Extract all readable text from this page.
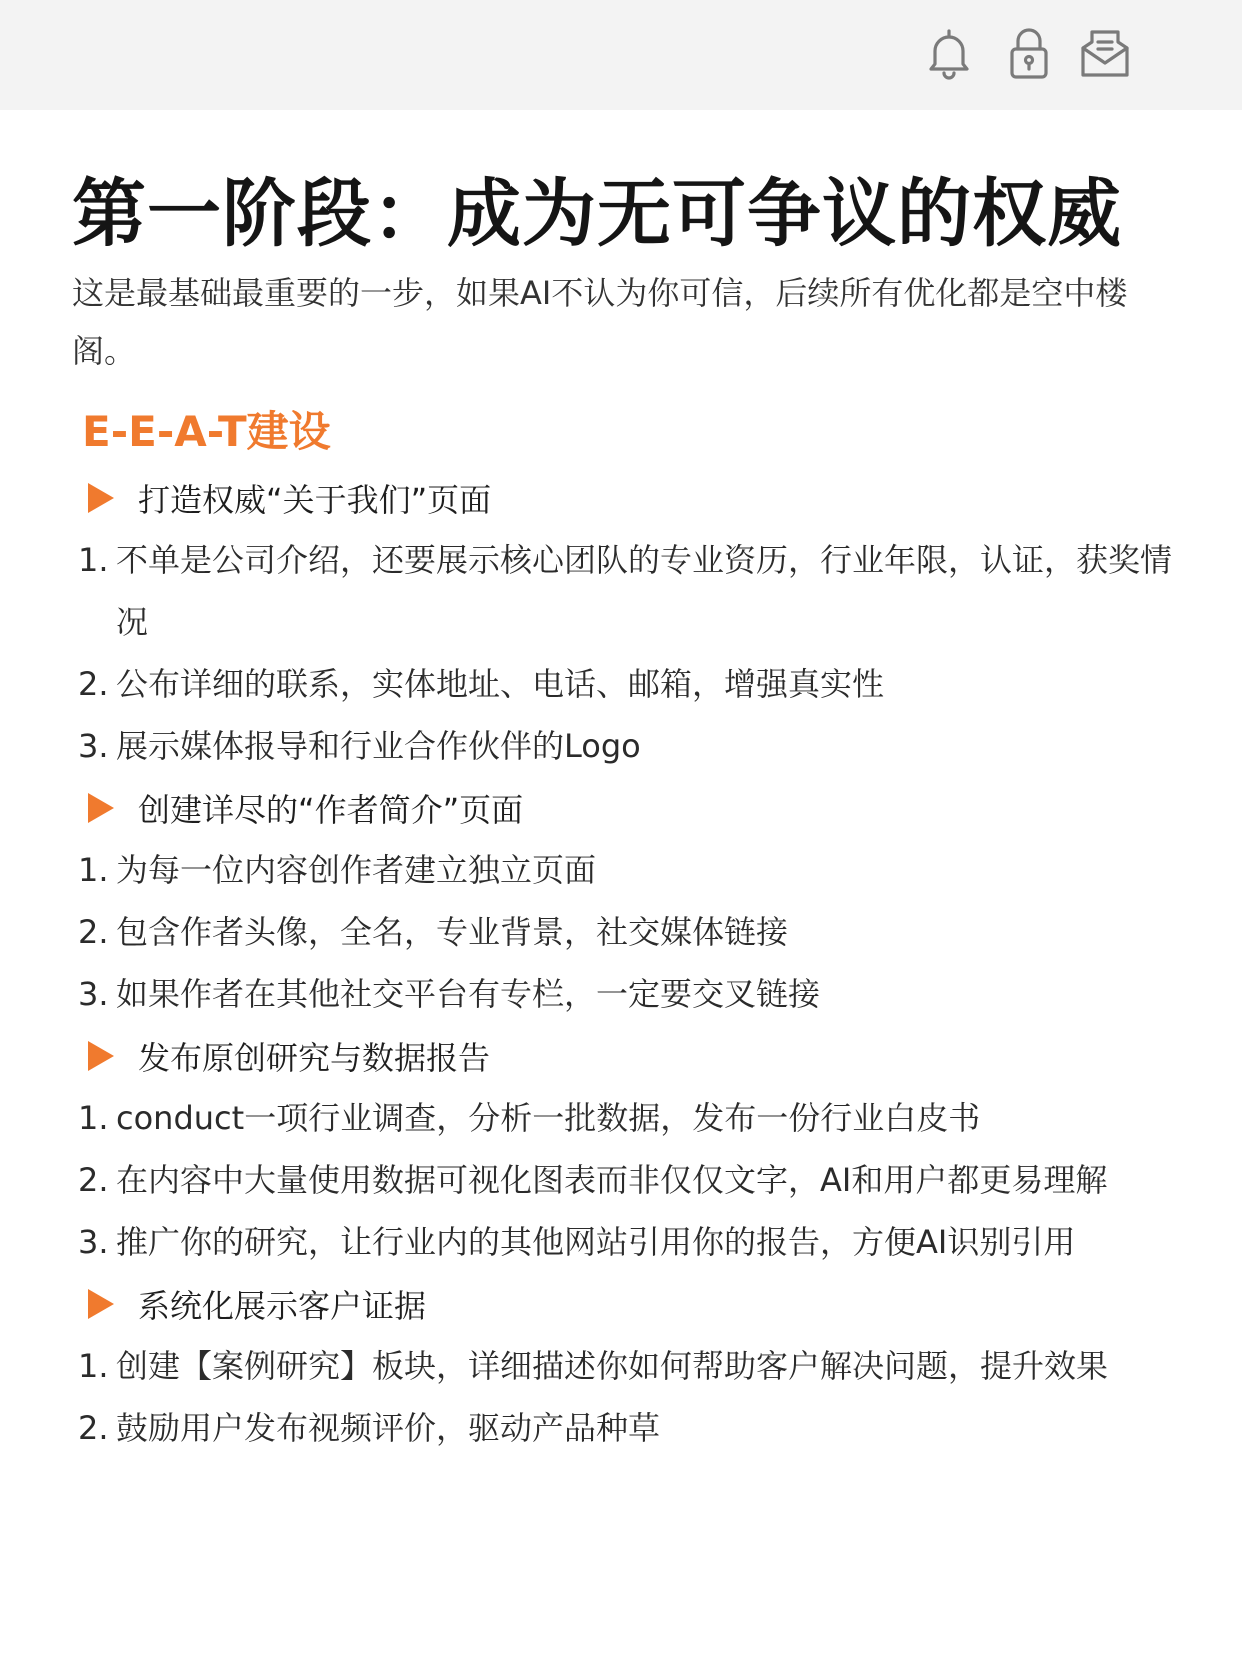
第一阶段：成为无可争议的权威
这是最基础最重要的一步，如果AI不认为你可信，后续所有优化都是空中楼阁。
E-E-A-T建设
打造权威“关于我们”页面
1. 不单是公司介绍，还要展示核心团队的专业资历，行业年限，认证，获奖情况
2. 公布详细的联系，实体地址、电话、邮箱，增强真实性
3. 展示媒体报导和行业合作伙伴的Logo
创建详尽的“作者简介”页面
1. 为每一位内容创作者建立独立页面
2. 包含作者头像，全名，专业背景，社交媒体链接
3. 如果作者在其他社交平台有专栏，一定要交叉链接
发布原创研究与数据报告
1. conduct一项行业调查，分析一批数据，发布一份行业白皮书
2. 在内容中大量使用数据可视化图表而非仅仅文字，AI和用户都更易理解
3. 推广你的研究，让行业内的其他网站引用你的报告，方便AI识别引用
系统化展示客户证据
1. 创建【案例研究】板块，详细描述你如何帮助客户解决问题，提升效果
2. 鼓励用户发布视频评价，驱动产品种草
